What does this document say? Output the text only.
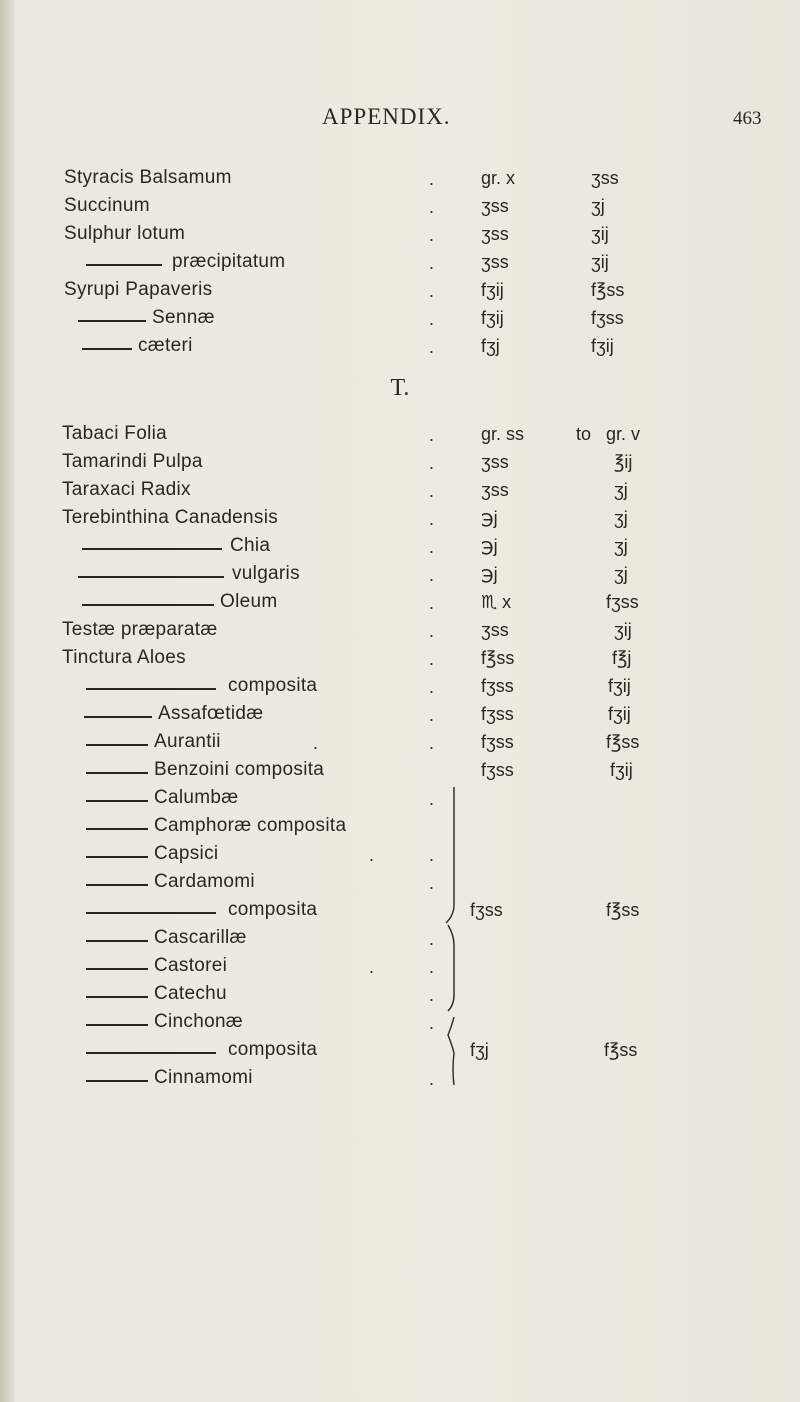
APPENDIX.	463
Styracis Balsamum	.	gr. x	ʒss
Succinum	.	ʒss	ʒj
Sulphur lotum	.	ʒss	ʒij
præcipitatum	.	ʒss	ʒij
Syrupi Papaveris	.	fʒij	f℥ss
Sennæ	.	fʒij	fʒss
cæteri	.	fʒj	fʒij
T.
Tabaci Folia	.	gr. ss	to gr. v
Tamarindi Pulpa	.	ʒss	℥ij
Taraxaci Radix	.	ʒss	ʒj
Terebinthina Canadensis	.	℈j	ʒj
Chia	.	℈j	ʒj
vulgaris	.	℈j	ʒj
Oleum	.	♏ x	fʒss
Testæ præparatæ	.	ʒss	ʒij
Tinctura Aloes	.	f℥ss	f℥j
composita	.	fʒss	fʒij
Assafœtidæ	.	fʒss	fʒij
Aurantii	.	.	fʒss	f℥ss
Benzoini composita	fʒss	fʒij
Calumbæ	.
Camphoræ composita
Capsici	.	.
Cardamomi	.
composita	fʒss	f℥ss
Cascarillæ	.
Castorei	.	.
Catechu	.
Cinchonæ	.
composita	fʒj	f℥ss
Cinnamomi	.
